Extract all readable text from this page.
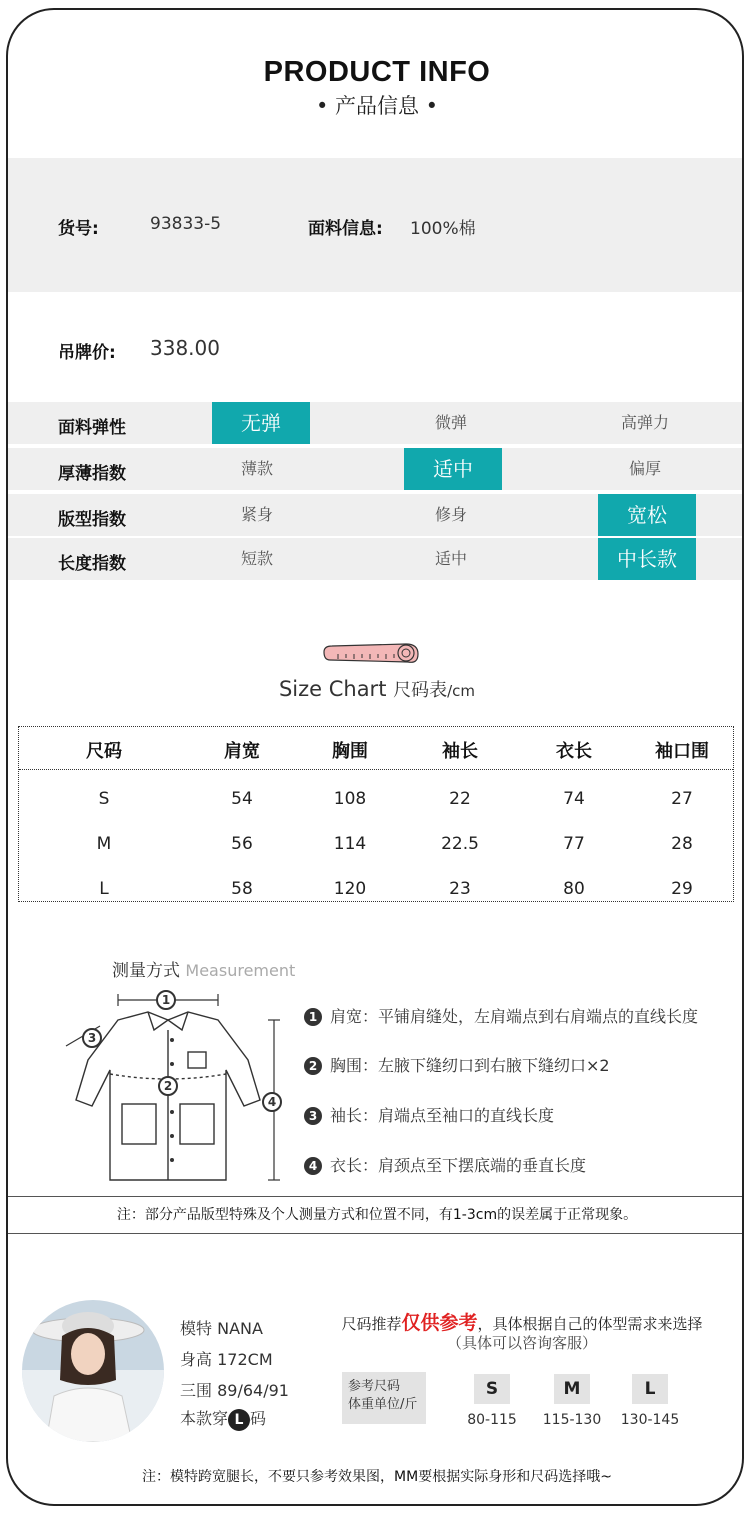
PRODUCT INFO
• 产品信息 •
货号:	93833-5	面料信息: 100%棉
吊牌价: 338.00
面料弹性	无弹	微弹	高弹力
厚薄指数	薄款	适中	偏厚
版型指数	紧身	修身	宽松
长度指数	短款	适中	中长款
Size Chart 尺码表/cm
尺码	肩宽	胸围	袖长	衣长	袖口围
S	54	108	22	74	27
M	56	114	22.5	77	28
L	58	120	23	80	29
测量方式 Measurement
1
2
3
4
1 肩宽：平铺肩缝处，左肩端点到右肩端点的直线长度
2 胸围：左腋下缝纫口到右腋下缝纫口×2
3 袖长：肩端点至袖口的直线长度
4 衣长：肩颈点至下摆底端的垂直长度
注：部分产品版型特殊及个人测量方式和位置不同，有1-3cm的误差属于正常现象。
模特 NANA
身高 172CM
三围 89/64/91
本款穿 L 码
尺码推荐仅供参考，具体根据自己的体型需求来选择
（具体可以咨询客服）
参考尺码
体重单位/斤
S
80-115
M
115-130
L
130-145
注：模特跨宽腿长，不要只参考效果图，MM要根据实际身形和尺码选择哦~
